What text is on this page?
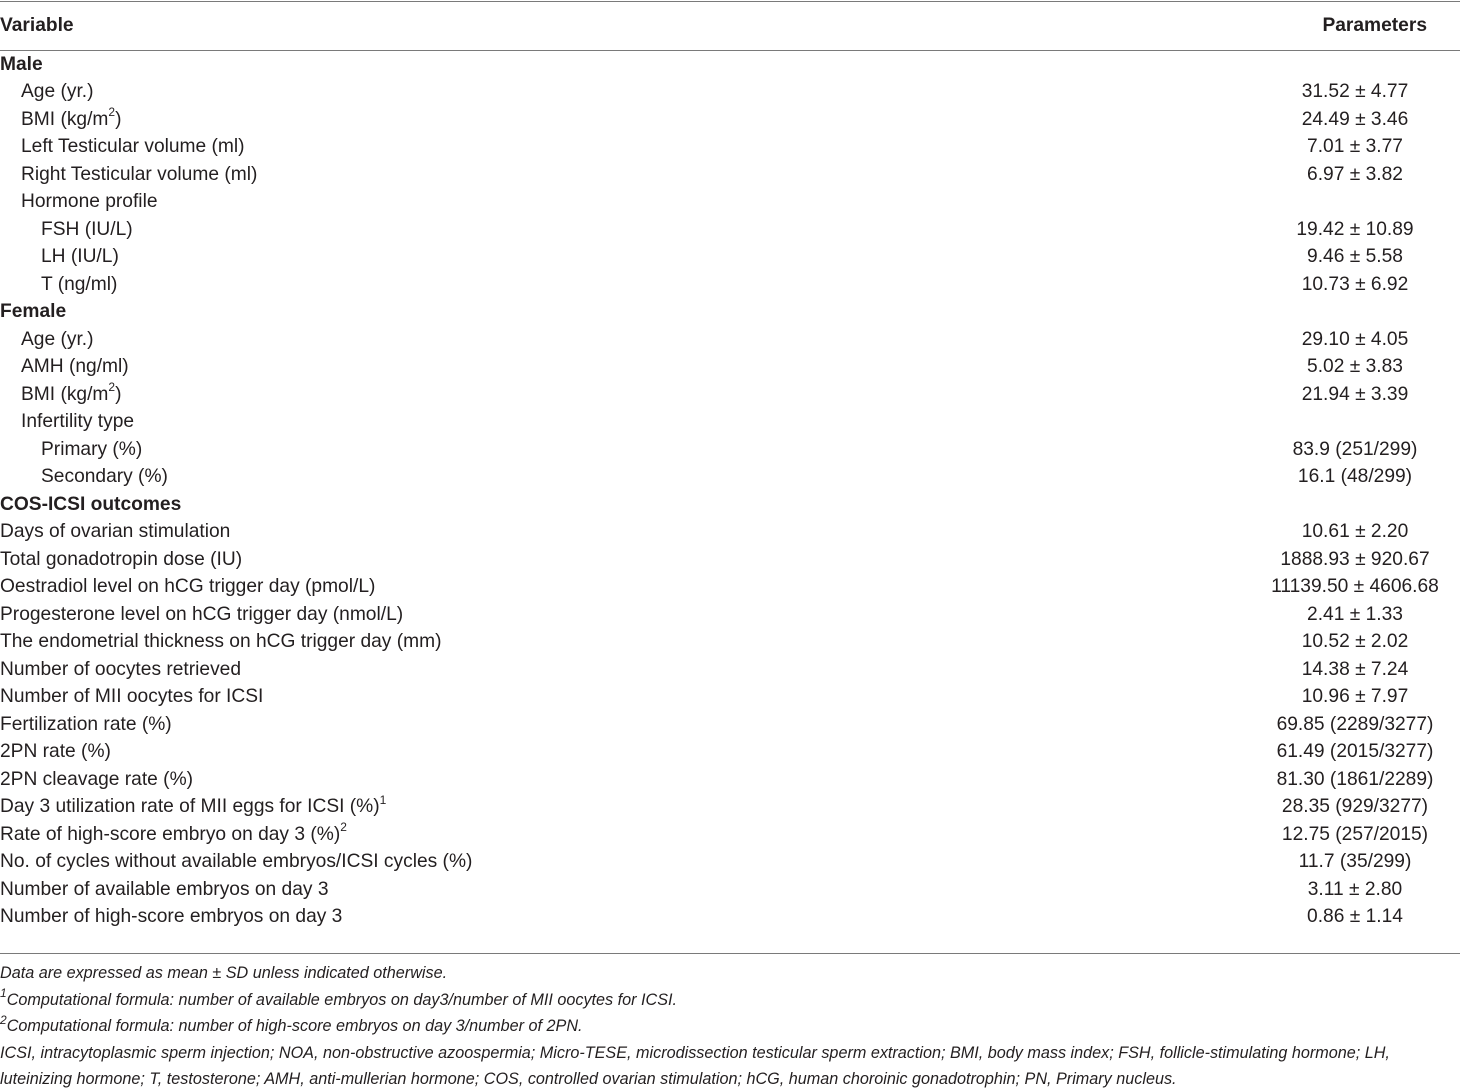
Variable	Parameters
Male	
Age (yr.)	31.52 ± 4.77
BMI $(kg/m^2)$	24.49 ± 3.46
Left Testicular volume (ml)	7.01 ± 3.77
Right Testicular volume (ml)	6.97 ± 3.82
Hormone profile	
FSH (IU/L)	19.42 ± 10.89
LH (IU/L)	9.46 ± 5.58
T (ng/ml)	10.73 ± 6.92
Female	
Age (yr.)	29.10 ± 4.05
AMH (ng/ml)	5.02 ± 3.83
BMI $(kg/m^2)$	21.94 ± 3.39
Infertility type	
Primary (%)	83.9 (251/299)
Secondary (%)	16.1 (48/299)
COS-ICSI outcomes	
Days of ovarian stimulation	10.61 ± 2.20
Total gonadotropin dose (IU)	1888.93 ± 920.67
Oestradiol level on hCG trigger day (pmol/L)	11139.50 ± 4606.68
Progesterone level on hCG trigger day (nmol/L)	2.41 ± 1.33
The endometrial thickness on hCG trigger day (mm)	10.52 ± 2.02
Number of oocytes retrieved	14.38 ± 7.24
Number of MII oocytes for ICSI	10.96 ± 7.97
Fertilization rate (%)	69.85 (2289/3277)
2PN rate (%)	61.49 (2015/3277)
2PN cleavage rate (%)	81.30 (1861/2289)
Day 3 utilization rate of MII eggs for ICSI (%)$^1$	28.35 (929/3277)
Rate of high-score embryo on day 3 (%)$^2$	12.75 (257/2015)
No. of cycles without available embryos/ICSI cycles (%)	11.7 (35/299)
Number of available embryos on day 3	3.11 ± 2.80
Number of high-score embryos on day 3	0.86 ± 1.14

Data are expressed as mean ± SD unless indicated otherwise.

$^1$Computational formula: number of available embryos on day3/number of MII oocytes for ICSI.

$^2$Computational formula: number of high-score embryos on day 3/number of 2PN.

ICSI, intracytoplasmic sperm injection; NOA, non-obstructive azoospermia; Micro-TESE, microdissection testicular sperm extraction; BMI, body mass index; FSH, follicle-stimulating hormone; LH, luteinizing hormone; T, testosterone; AMH, anti-mullerian hormone; COS, controlled ovarian stimulation; hCG, human choroinic gonadotrophin; PN, Primary nucleus.
